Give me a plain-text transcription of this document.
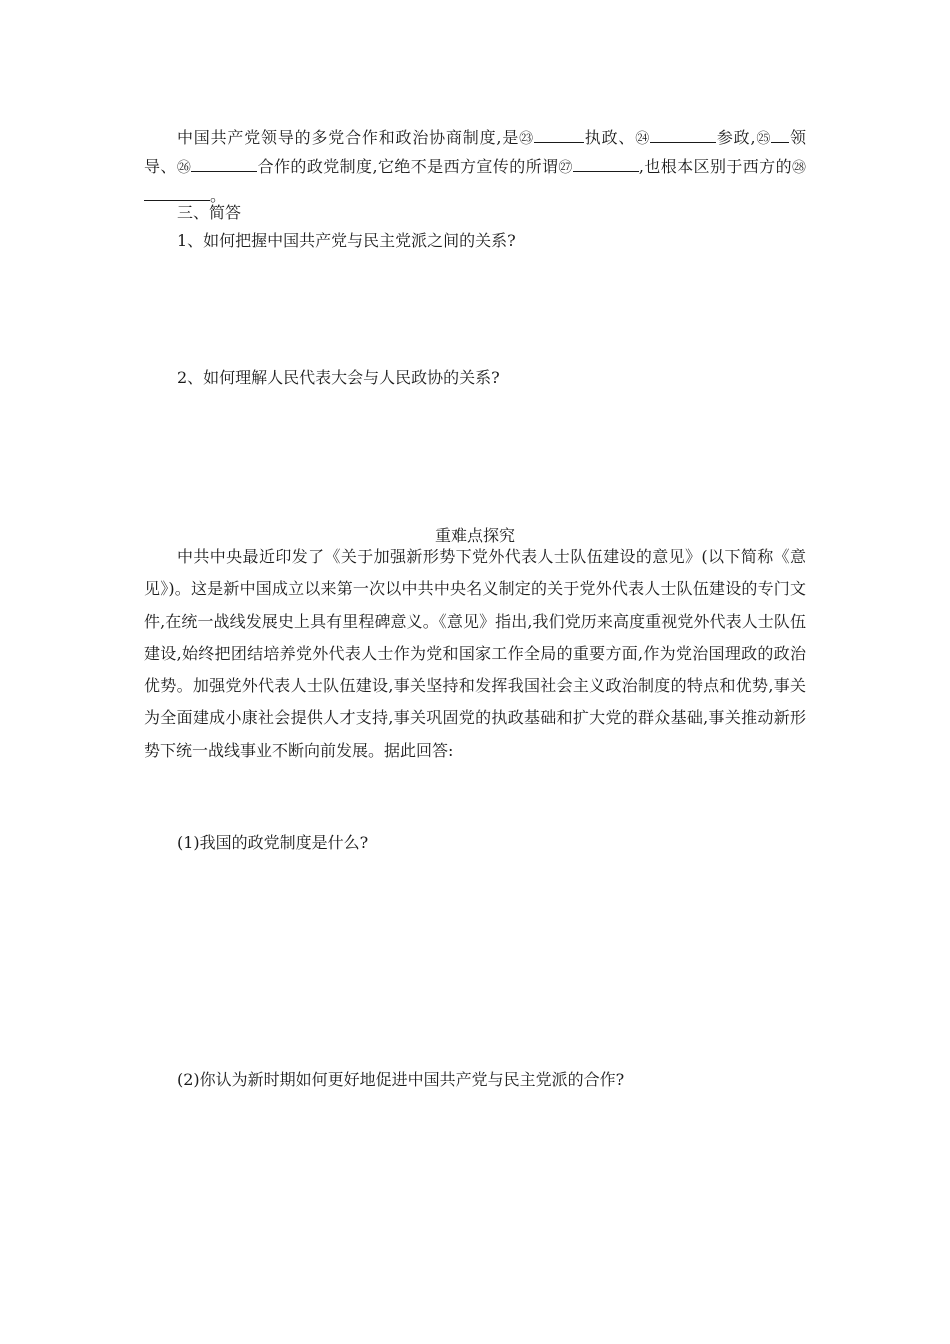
中国共产党领导的多党合作和政治协商制度,是㉓	执政、㉔	参政,㉕ 领导、㉖	合作的政党制度,它绝不是西方宣传的所谓㉗	,也根本区别于西方的㉘。
三、简答
1、如何把握中国共产党与民主党派之间的关系?
2、如何理解人民代表大会与人民政协的关系?
重难点探究
中共中央最近印发了《关于加强新形势下党外代表人士队伍建设的意见》(以下简称《意见》)。这是新中国成立以来第一次以中共中央名义制定的关于党外代表人士队伍建设的专门文件,在统一战线发展史上具有里程碑意义。《意见》指出,我们党历来高度重视党外代表人士队伍建设,始终把团结培养党外代表人士作为党和国家工作全局的重要方面,作为党治国理政的政治优势。加强党外代表人士队伍建设,事关坚持和发挥我国社会主义政治制度的特点和优势,事关为全面建成小康社会提供人才支持,事关巩固党的执政基础和扩大党的群众基础,事关推动新形势下统一战线事业不断向前发展。据此回答:
(1)我国的政党制度是什么?
(2)你认为新时期如何更好地促进中国共产党与民主党派的合作?
